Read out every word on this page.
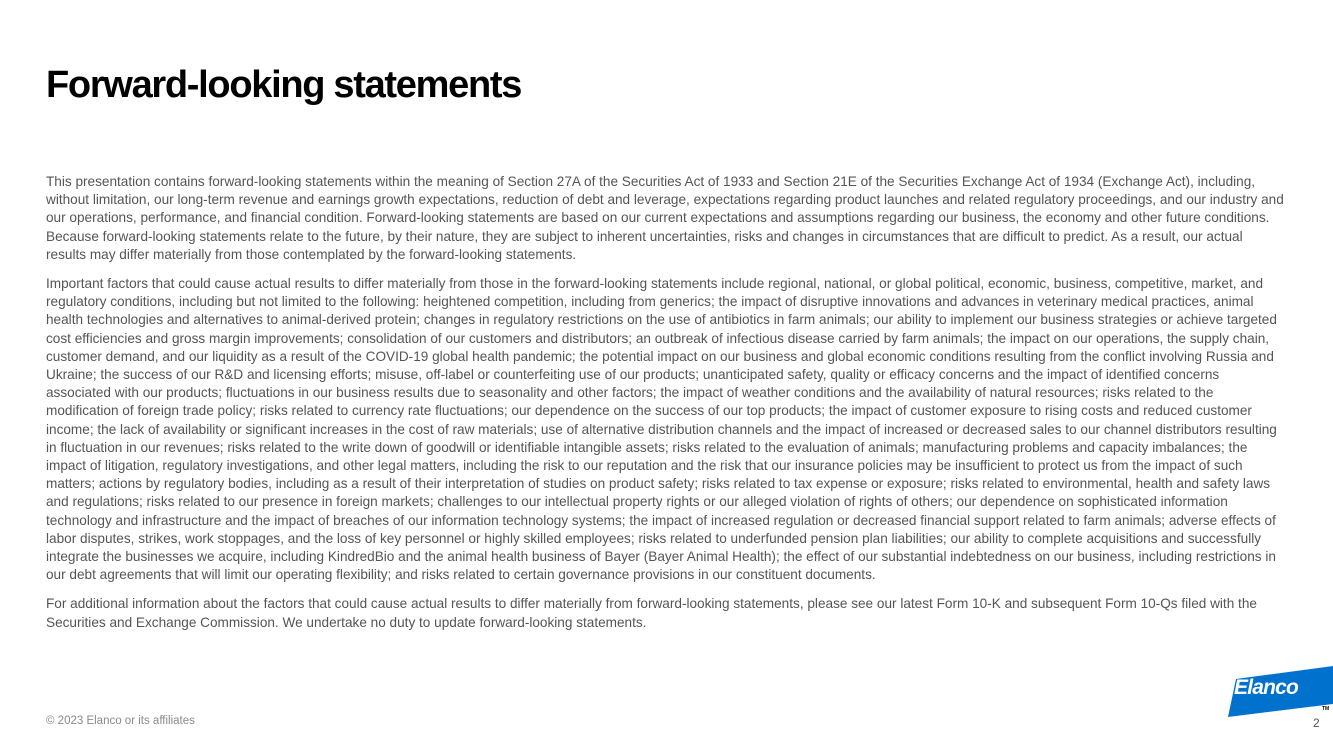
Forward-looking statements

This presentation contains forward-looking statements within the meaning of Section 27A of the Securities Act of 1933 and Section 21E of the Securities Exchange Act of 1934 (Exchange Act), including, without limitation, our long-term revenue and earnings growth expectations, reduction of debt and leverage, expectations regarding product launches and related regulatory proceedings, and our industry and our operations, performance, and financial condition. Forward-looking statements are based on our current expectations and assumptions regarding our business, the economy and other future conditions. Because forward-looking statements relate to the future, by their nature, they are subject to inherent uncertainties, risks and changes in circumstances that are difficult to predict. As a result, our actual results may differ materially from those contemplated by the forward-looking statements.

Important factors that could cause actual results to differ materially from those in the forward-looking statements include regional, national, or global political, economic, business, competitive, market, and regulatory conditions, including but not limited to the following: heightened competition, including from generics; the impact of disruptive innovations and advances in veterinary medical practices, animal health technologies and alternatives to animal-derived protein; changes in regulatory restrictions on the use of antibiotics in farm animals; our ability to implement our business strategies or achieve targeted cost efficiencies and gross margin improvements; consolidation of our customers and distributors; an outbreak of infectious disease carried by farm animals; the impact on our operations, the supply chain, customer demand, and our liquidity as a result of the COVID-19 global health pandemic; the potential impact on our business and global economic conditions resulting from the conflict involving Russia and Ukraine; the success of our R&D and licensing efforts; misuse, off-label or counterfeiting use of our products; unanticipated safety, quality or efficacy concerns and the impact of identified concerns associated with our products; fluctuations in our business results due to seasonality and other factors; the impact of weather conditions and the availability of natural resources; risks related to the modification of foreign trade policy; risks related to currency rate fluctuations; our dependence on the success of our top products; the impact of customer exposure to rising costs and reduced customer income; the lack of availability or significant increases in the cost of raw materials; use of alternative distribution channels and the impact of increased or decreased sales to our channel distributors resulting in fluctuation in our revenues; risks related to the write down of goodwill or identifiable intangible assets; risks related to the evaluation of animals; manufacturing problems and capacity imbalances; the impact of litigation, regulatory investigations, and other legal matters, including the risk to our reputation and the risk that our insurance policies may be insufficient to protect us from the impact of such matters; actions by regulatory bodies, including as a result of their interpretation of studies on product safety; risks related to tax expense or exposure; risks related to environmental, health and safety laws and regulations; risks related to our presence in foreign markets; challenges to our intellectual property rights or our alleged violation of rights of others; our dependence on sophisticated information technology and infrastructure and the impact of breaches of our information technology systems; the impact of increased regulation or decreased financial support related to farm animals; adverse effects of labor disputes, strikes, work stoppages, and the loss of key personnel or highly skilled employees; risks related to underfunded pension plan liabilities; our ability to complete acquisitions and successfully integrate the businesses we acquire, including KindredBio and the animal health business of Bayer (Bayer Animal Health); the effect of our substantial indebtedness on our business, including restrictions in our debt agreements that will limit our operating flexibility; and risks related to certain governance provisions in our constituent documents.

For additional information about the factors that could cause actual results to differ materially from forward-looking statements, please see our latest Form 10-K and subsequent Form 10-Qs filed with the Securities and Exchange Commission. We undertake no duty to update forward-looking statements.

Elanco
TM
© 2023 Elanco or its affiliates	2
